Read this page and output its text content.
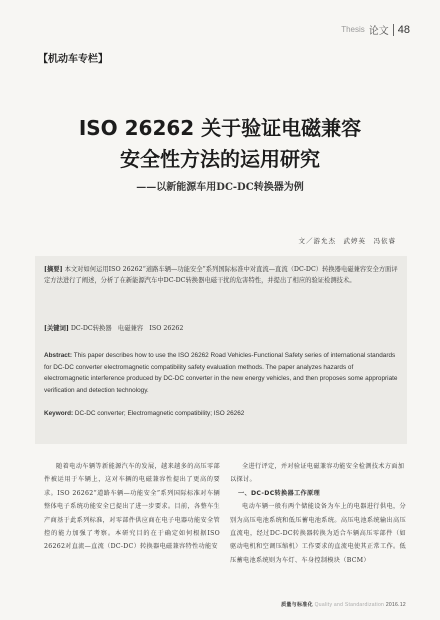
Thesis 论文 48
【机动车专栏】
ISO 26262 关于验证电磁兼容
安全性方法的运用研究
——以新能源车用DC-DC转换器为例
文／游允杰　武婷英　冯依睿
[摘要] 本文对如何运用ISO 26262“道路车辆—功能安全”系列国际标准中对直流—直流（DC-DC）转换器电磁兼容安全方面评定方法进行了阐述，分析了在新能源汽车中DC-DC转换器电磁干扰的危害特性，并提出了相应的验证检测技术。
[关键词] DC-DC转换器　电磁兼容　ISO 26262
Abstract: This paper describes how to use the ISO 26262 Road Vehicles-Functional Safety series of international standards for DC-DC converter electromagnetic compatibility safety evaluation methods. The paper analyzes hazards of electromagnetic interference produced by DC-DC converter in the new energy vehicles, and then proposes some appropriate verification and detection technology.
Keyword: DC-DC converter; Electromagnetic compatibility; ISO 26262
随着电动车辆等新能源汽车的发展，越来越多的高压零部件被运用于车辆上，这对车辆的电磁兼容性提出了更高的要求。ISO 26262“道路车辆—功能安全”系列国际标准对车辆整体电子系统功能安全已提出了进一步要求。目前，各整车生产商基于此系列标准，对零部件供应商在电子电器功能安全管控的能力加强了考察。本研究目的在于确定如何根据ISO 26262对直流—直流（DC-DC）转换器电磁兼容特性功能安

全进行评定，并对验证电磁兼容功能安全检测技术方面加以探讨。

一、DC-DC转换器工作原理

电动车辆一般有两个储能设备为车上的电器进行供电，分别为高压电池系统和低压蓄电池系统。高压电池系统输出高压直流电，经过DC-DC转换器转换为适合车辆高压零部件（如驱动电机和空调压缩机）工作要求的直流电使其正常工作。低压蓄电池系统则为车灯、车身控制模块（BCM）

质量与标准化 Quality and Standardization 2016.12
